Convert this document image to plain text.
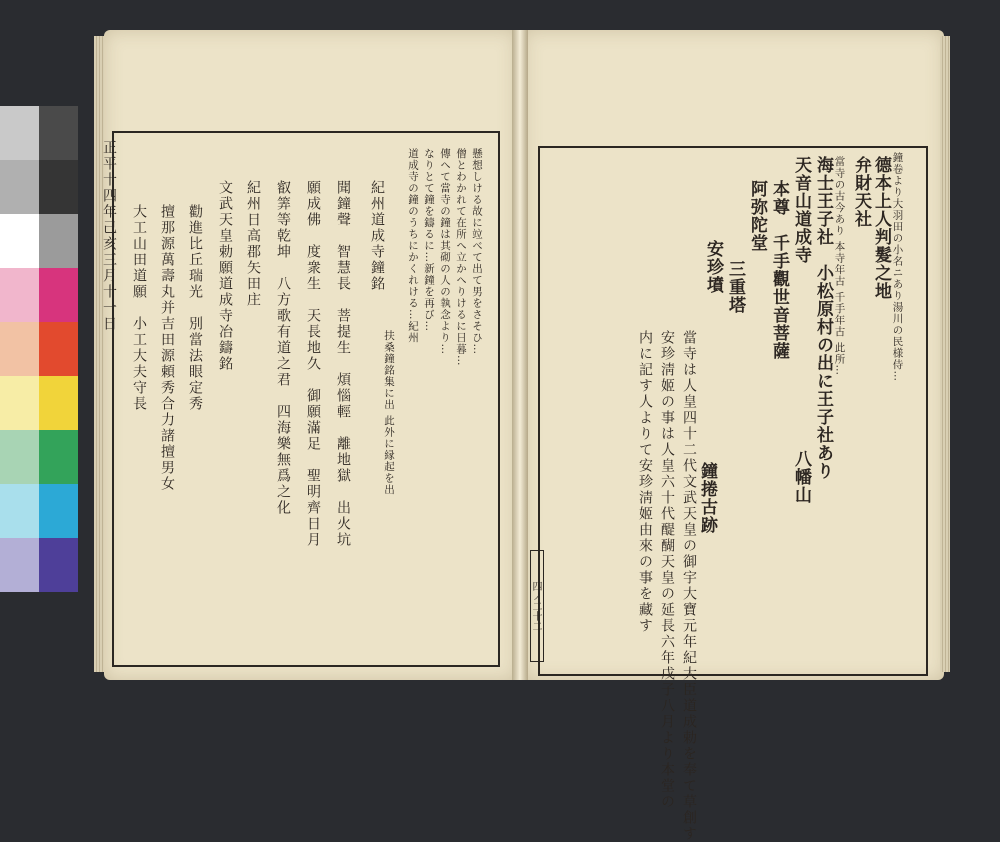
懸想しける故に竝べて出て男をさそひ…
僧とわかれて在所へ立かへりけるに日暮…
傳へて當寺の鐘は其砌の人の執念より…
なりとて鐘を鑄るに…新鐘を再び…
道成寺の鐘のうちにかくれける…紀州
紀州道成寺鐘銘
扶桑鐘銘集に出 此外に縁起を出
聞鐘聲　智慧長　菩提生　煩惱輕　離地獄　出火坑
願成佛　度衆生　天長地久　御願滿足　聖明齊日月
叡筭等乾坤　八方歌有道之君　四海樂無爲之化
紀州日高郡矢田庄
文武天皇勅願道成寺冶鑄銘
勸進比丘瑞光　別當法眼定秀
擅那源萬壽丸并吉田源頼秀合力諸擅男女
大工山田道願　小工大夫守長
正平十四年己亥三月十一日	鐘卷より大羽田の小名ニあり湯川の民様侍…
德本上人判髮之地
弁財天社
當寺の古今あり 本寺年古 千手年古 此所…
海士王子社　小松原村の出に王子社あり
天音山道成寺
本尊　千手觀世音菩薩
阿弥陀堂
三重塔
安珍墳
當寺は人皇四十二代文武天皇の御宇大寶元年紀大臣道成勅を奉て草創す
安珍淸姬の事は人皇六十代醍醐天皇の延長六年戊子八月より本堂の
内に記す人よりて安珍淸姬由來の事を藏す	八幡山
鐘捲古跡
四ノ二十二
